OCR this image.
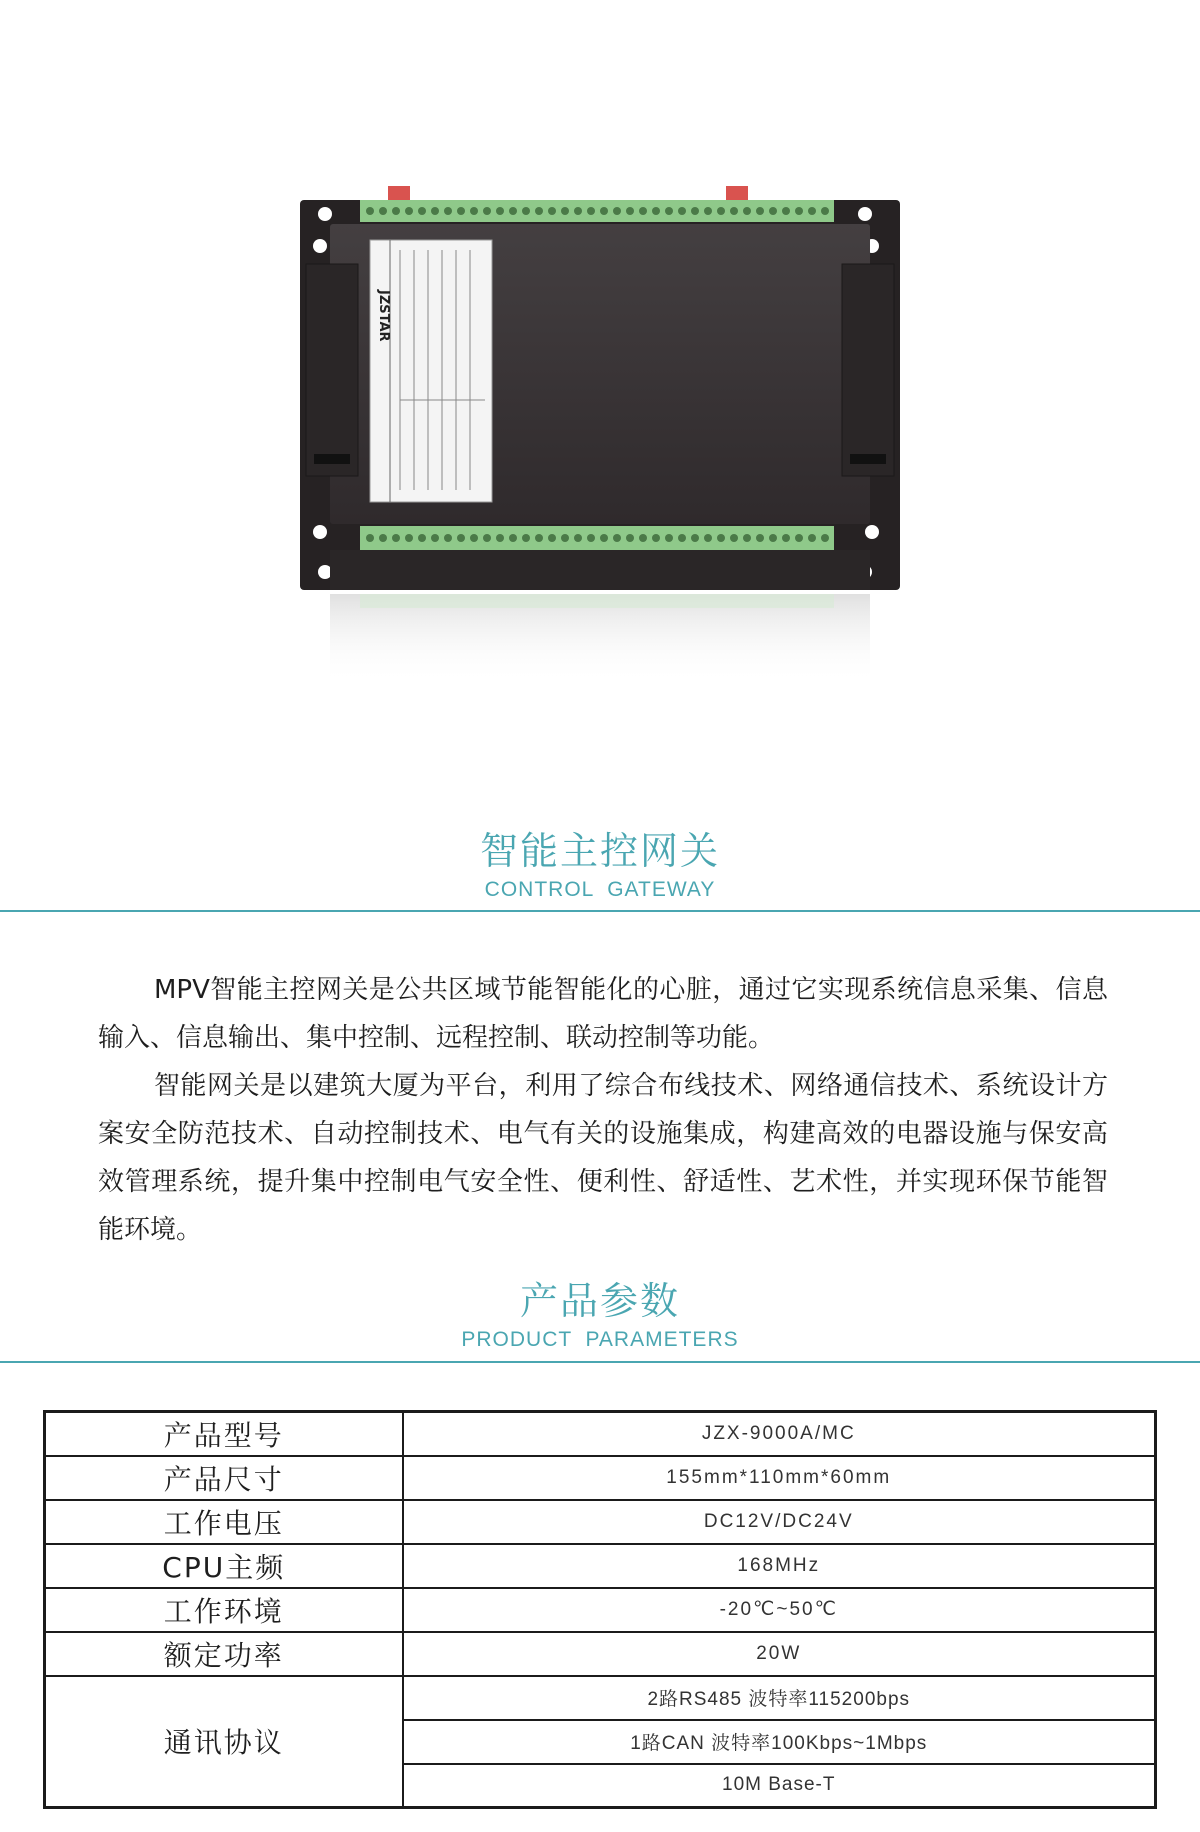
JZSTAR
智能主控网关
CONTROL  GATEWAY

MPV智能主控网关是公共区域节能智能化的心脏，通过它实现系统信息采集、信息输入、信息输出、集中控制、远程控制、联动控制等功能。

智能网关是以建筑大厦为平台，利用了综合布线技术、网络通信技术、系统设计方案安全防范技术、自动控制技术、电气有关的设施集成，构建高效的电器设施与保安高效管理系统，提升集中控制电气安全性、便利性、舒适性、艺术性，并实现环保节能智能环境。

产品参数
PRODUCT  PARAMETERS
产品型号	JZX-9000A/MC
产品尺寸	155mm*110mm*60mm
工作电压	DC12V/DC24V
CPU主频	168MHz
工作环境	-20℃~50℃
额定功率	20W
通讯协议	2路RS485 波特率115200bps
	1路CAN 波特率100Kbps~1Mbps
	10M Base-T
